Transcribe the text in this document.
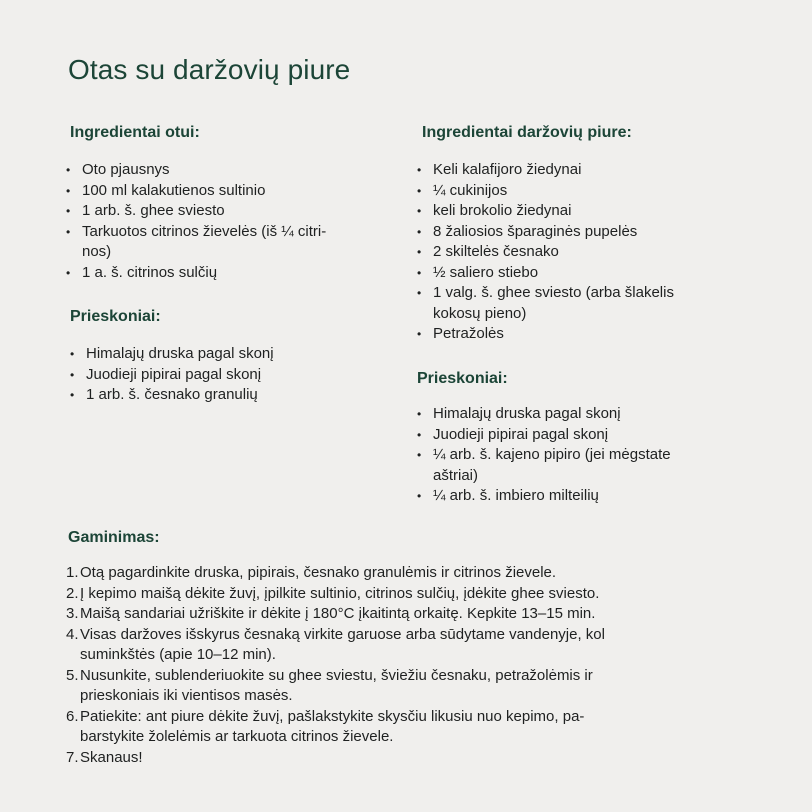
Otas su daržovių piure
Ingredientai otui:
• Oto pjausnys
• 100 ml kalakutienos sultinio
• 1 arb. š. ghee sviesto
• Tarkuotos citrinos žievelės (iš ¼ citri-
nos)
• 1 a. š. citrinos sulčių
Prieskoniai:
• Himalajų druska pagal skonį
• Juodieji pipirai pagal skonį
• 1 arb. š. česnako granulių
Ingredientai daržovių piure:
• Keli kalafijoro žiedynai
• ¼ cukinijos
• keli brokolio žiedynai
• 8 žaliosios šparaginės pupelės
• 2 skiltelės česnako
• ½ saliero stiebo
• 1 valg. š. ghee sviesto (arba šlakelis
kokosų pieno)
• Petražolės
Prieskoniai:
• Himalajų druska pagal skonį
• Juodieji pipirai pagal skonį
• ¼ arb. š. kajeno pipiro (jei mėgstate
aštriai)
• ¼ arb. š. imbiero milteilių
Gaminimas:
1. Otą pagardinkite druska, pipirais, česnako granulėmis ir citrinos žievele.
2. Į kepimo maišą dėkite žuvį, įpilkite sultinio, citrinos sulčių, įdėkite ghee sviesto.
3. Maišą sandariai užriškite ir dėkite į 180°C įkaitintą orkaitę. Kepkite 13–15 min.
4. Visas daržoves išskyrus česnaką virkite garuose arba sūdytame vandenyje, kol
suminkštės (apie 10–12 min).
5. Nusunkite, sublenderiuokite su ghee sviestu, šviežiu česnaku, petražolėmis ir
prieskoniais iki vientisos masės.
6. Patiekite: ant piure dėkite žuvį, pašlakstykite skysčiu likusiu nuo kepimo, pa-
barstykite žolelėmis ar tarkuota citrinos žievele.
7. Skanaus!
